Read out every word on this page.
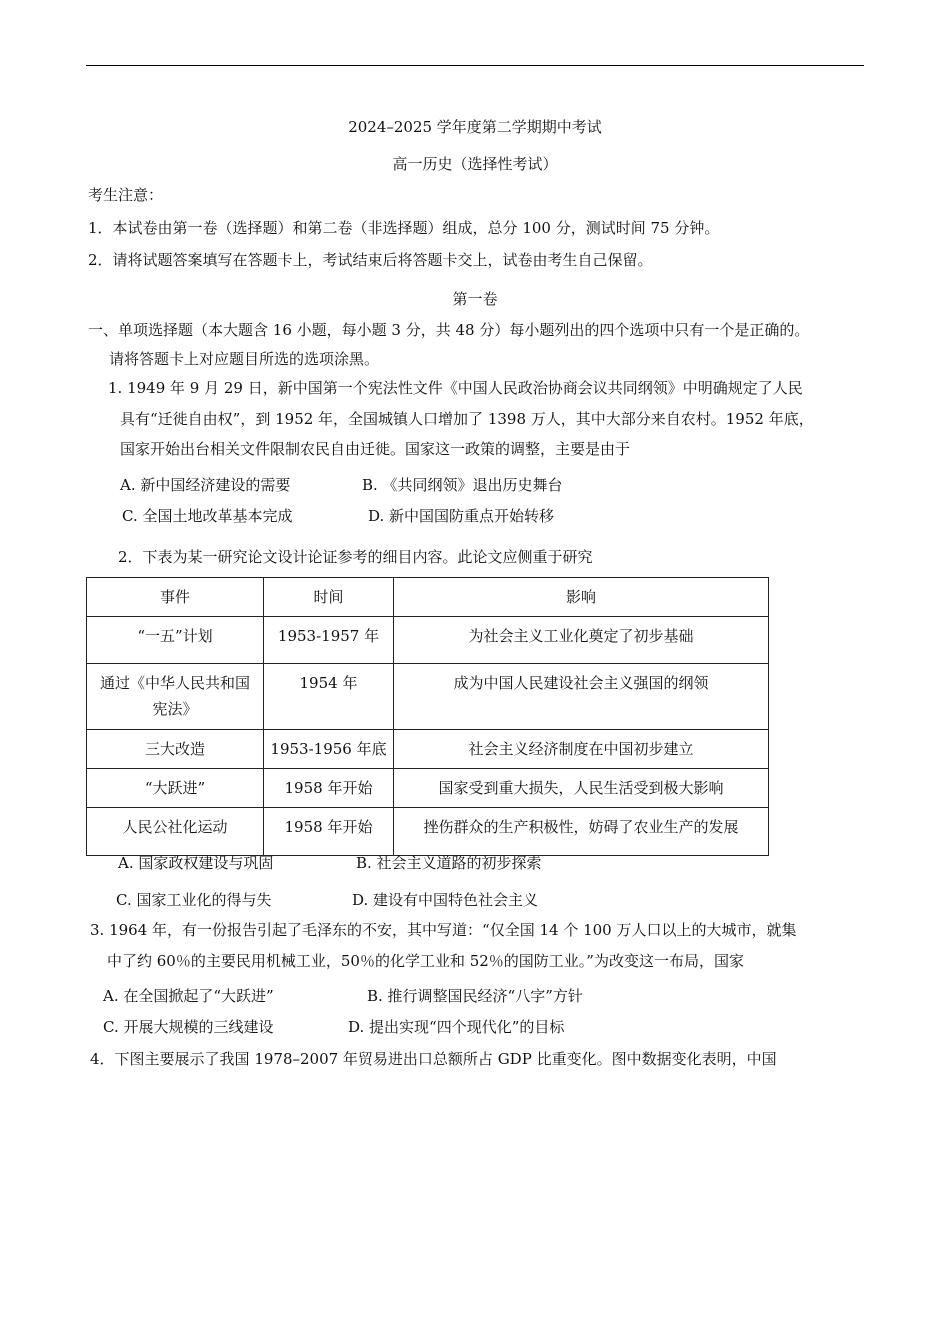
2024–2025 学年度第二学期期中考试
高一历史（选择性考试）
考生注意：
1．本试卷由第一卷（选择题）和第二卷（非选择题）组成，总分 100 分，测试时间 75 分钟。
2．请将试题答案填写在答题卡上，考试结束后将答题卡交上，试卷由考生自己保留。
第一卷
一、单项选择题（本大题含 16 小题，每小题 3 分，共 48 分）每小题列出的四个选项中只有一个是正确的。
请将答题卡上对应题目所选的选项涂黑。
1. 1949 年 9 月 29 日，新中国第一个宪法性文件《中国人民政治协商会议共同纲领》中明确规定了人民
具有“迁徙自由权”，到 1952 年，全国城镇人口增加了 1398 万人，其中大部分来自农村。1952 年底，
国家开始出台相关文件限制农民自由迁徙。国家这一政策的调整，主要是由于
A. 新中国经济建设的需要	B. 《共同纲领》退出历史舞台
C. 全国土地改革基本完成	D. 新中国国防重点开始转移
2．下表为某一研究论文设计论证参考的细目内容。此论文应侧重于研究
事件	时间	影响
“一五”计划	1953-1957 年	为社会主义工业化奠定了初步基础
通过《中华人民共和国宪法》	1954 年	成为中国人民建设社会主义强国的纲领
三大改造	1953-1956 年底	社会主义经济制度在中国初步建立
“大跃进”	1958 年开始	国家受到重大损失，人民生活受到极大影响
人民公社化运动	1958 年开始	挫伤群众的生产积极性，妨碍了农业生产的发展
A. 国家政权建设与巩固	B. 社会主义道路的初步探索
C. 国家工业化的得与失	D. 建设有中国特色社会主义
3. 1964 年，有一份报告引起了毛泽东的不安，其中写道：“仅全国 14 个 100 万人口以上的大城市，就集
中了约 60％的主要民用机械工业，50％的化学工业和 52％的国防工业。”为改变这一布局，国家
A. 在全国掀起了“大跃进”	B. 推行调整国民经济“八字”方针
C. 开展大规模的三线建设	D. 提出实现“四个现代化”的目标
4．下图主要展示了我国 1978–2007 年贸易进出口总额所占 GDP 比重变化。图中数据变化表明，中国
